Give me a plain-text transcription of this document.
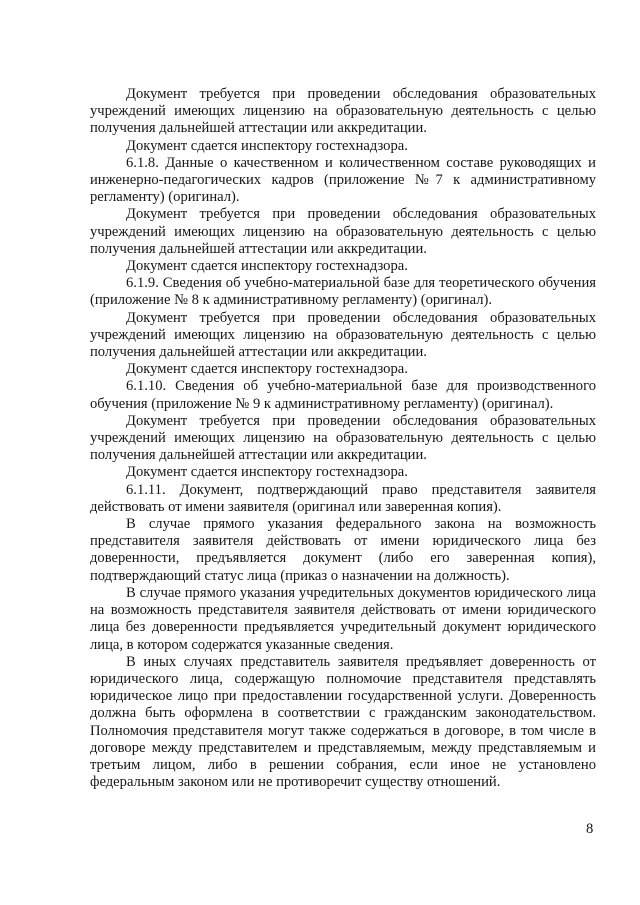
Документ требуется при проведении обследования образовательных учреждений имеющих лицензию на образовательную деятельность с целью получения дальнейшей аттестации или аккредитации.

Документ сдается инспектору гостехнадзора.

6.1.8. Данные о качественном и количественном составе руководящих и инженерно-педагогических кадров (приложение №7 к административному регламенту) (оригинал).

Документ требуется при проведении обследования образовательных учреждений имеющих лицензию на образовательную деятельность с целью получения дальнейшей аттестации или аккредитации.

Документ сдается инспектору гостехнадзора.

6.1.9. Сведения об учебно-материальной базе для теоретического обучения (приложение № 8 к административному регламенту) (оригинал).

Документ требуется при проведении обследования образовательных учреждений имеющих лицензию на образовательную деятельность с целью получения дальнейшей аттестации или аккредитации.

Документ сдается инспектору гостехнадзора.

6.1.10. Сведения об учебно-материальной базе для производственного обучения (приложение № 9 к административному регламенту) (оригинал).

Документ требуется при проведении обследования образовательных учреждений имеющих лицензию на образовательную деятельность с целью получения дальнейшей аттестации или аккредитации.

Документ сдается инспектору гостехнадзора.

6.1.11. Документ, подтверждающий право представителя заявителя действовать от имени заявителя (оригинал или заверенная копия).

В случае прямого указания федерального закона на возможность представителя заявителя действовать от имени юридического лица без доверенности, предъявляется документ (либо его заверенная копия), подтверждающий статус лица (приказ о назначении на должность).

В случае прямого указания учредительных документов юридического лица на возможность представителя заявителя действовать от имени юридического лица без доверенности предъявляется учредительный документ юридического лица, в котором содержатся указанные сведения.

В иных случаях представитель заявителя предъявляет доверенность от юридического лица, содержащую полномочие представителя представлять юридическое лицо при предоставлении государственной услуги. Доверенность должна быть оформлена в соответствии с гражданским законодательством. Полномочия представителя могут также содержаться в договоре, в том числе в договоре между представителем и представляемым, между представляемым и третьим лицом, либо в решении собрания, если иное не установлено федеральным законом или не противоречит существу отношений.

8
